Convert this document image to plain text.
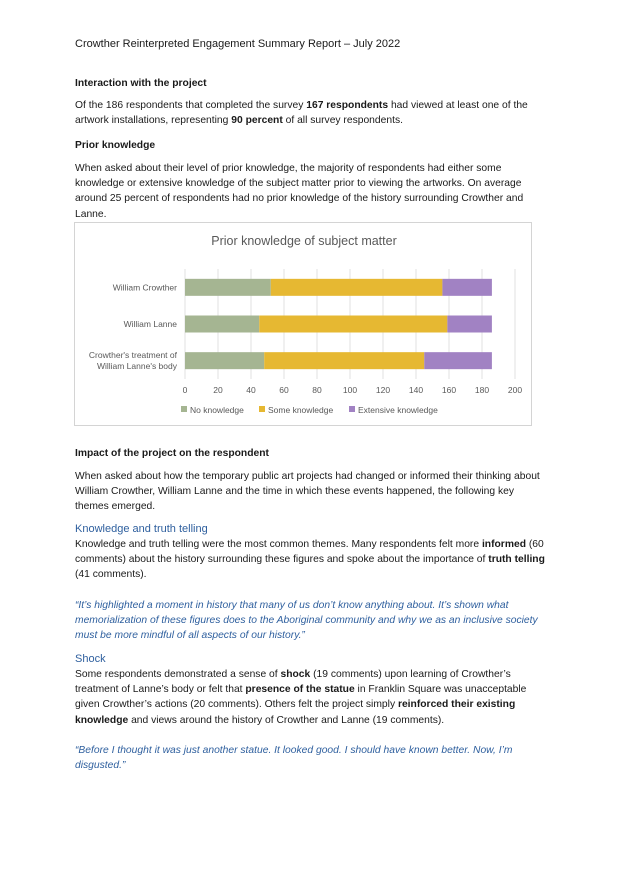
Crowther Reinterpreted Engagement Summary Report – July 2022
Interaction with the project
Of the 186 respondents that completed the survey 167 respondents had viewed at least one of the artwork installations, representing 90 percent of all survey respondents.
Prior knowledge
When asked about their level of prior knowledge, the majority of respondents had either some knowledge or extensive knowledge of the subject matter prior to viewing the artworks. On average around 25 percent of respondents had no prior knowledge of the history surrounding Crowther and Lanne.
Prior knowledge of subject matter
0	20	40	60	80 100 120 140 160 180 200
William Crowther
William Lanne
Crowther's treatment of
William Lanne's body
No knowledge	Some knowledge	Extensive knowledge
Impact of the project on the respondent
When asked about how the temporary public art projects had changed or informed their thinking about William Crowther, William Lanne and the time in which these events happened, the following key themes emerged.
Knowledge and truth telling
Knowledge and truth telling were the most common themes. Many respondents felt more informed (60 comments) about the history surrounding these figures and spoke about the importance of truth telling (41 comments).
“It’s highlighted a moment in history that many of us don’t know anything about. It’s shown what memorialization of these figures does to the Aboriginal community and why we as an inclusive society must be more mindful of all aspects of our history.”
Shock
Some respondents demonstrated a sense of shock (19 comments) upon learning of Crowther’s treatment of Lanne’s body or felt that presence of the statue in Franklin Square was unacceptable given Crowther’s actions (20 comments). Others felt the project simply reinforced their existing knowledge and views around the history of Crowther and Lanne (19 comments).
“Before I thought it was just another statue. It looked good. I should have known better. Now, I’m disgusted.”
